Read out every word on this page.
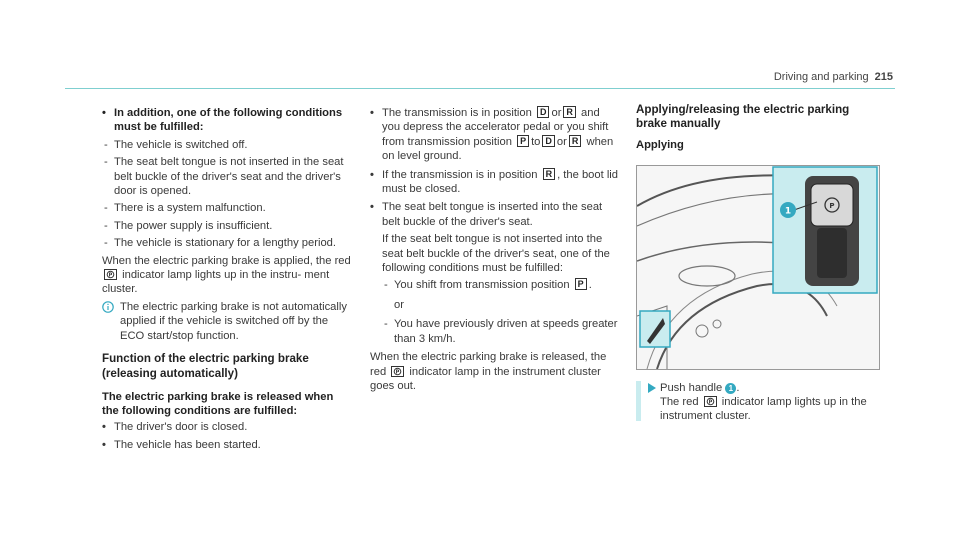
Driving and parking 215

• In addition, one of the following conditions must be fulfilled:

- The vehicle is switched off.

- The seat belt tongue is not inserted in the seat belt buckle of the driver's seat and the driver's door is opened.

- There is a system malfunction.

- The power supply is insufficient.

- The vehicle is stationary for a lengthy period.

When the electric parking brake is applied, the red
P indicator lamp lights up in the instru- ment cluster.

The electric parking brake is not automatically applied if the vehicle is switched off by the ECO start/stop function.

Function of the electric parking brake (releasing automatically)

The electric parking brake is released when the following conditions are fulfilled:

• The driver's door is closed.

• The vehicle has been started.

• The transmission is in position D or R and you depress the accelerator pedal or you shift from transmission position P to D or R when on level ground.

• If the transmission is in position R , the boot lid must be closed.

• The seat belt tongue is inserted into the seat belt buckle of the driver's seat.

If the seat belt tongue is not inserted into the seat belt buckle of the driver's seat, one of the following conditions must be fulfilled:

- You shift from transmission position P .

or

- You have previously driven at speeds greater than 3 km/h.

When the electric parking brake is released, the red P indicator lamp in the instrument cluster goes out.

Applying/releasing the electric parking brake manually

Applying

P
1
Push handle 1 .
The red P indicator lamp lights up in the instrument cluster.
